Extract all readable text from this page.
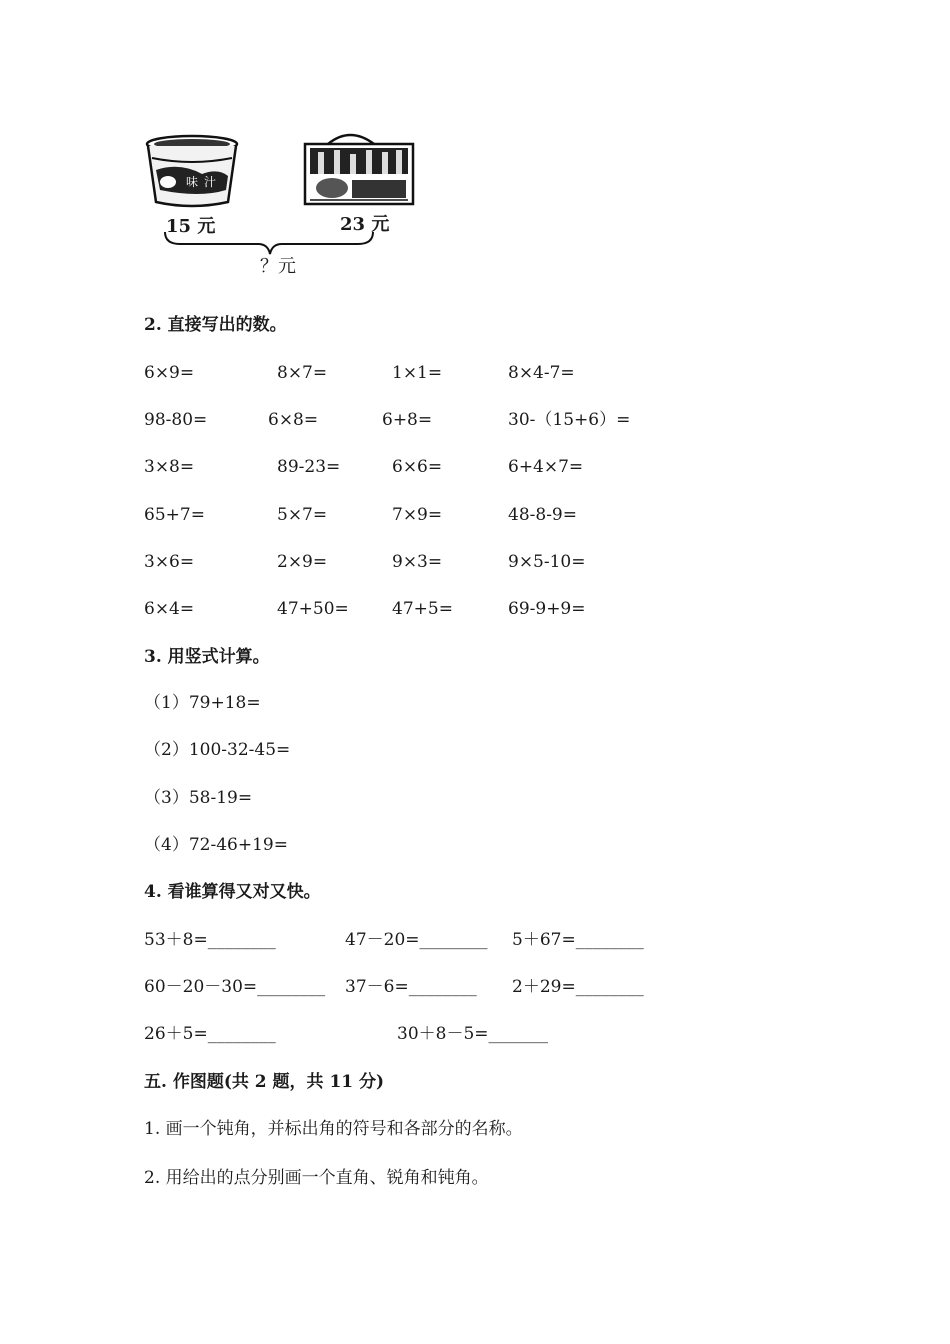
味 汁
15 元	23 元
？元
2. 直接写出的数。
6×9=	8×7=	1×1=	8×4-7=
98-80=	6×8=	6+8=	30-（15+6）=
3×8=	89-23=	6×6=	6+4×7=
65+7=	5×7=	7×9=	48-8-9=
3×6=	2×9=	9×3=	9×5-10=
6×4=	47+50=	47+5=	69-9+9=
3. 用竖式计算。
（1）79+18=
（2）100-32-45=
（3）58-19=
（4）72-46+19=
4. 看谁算得又对又快。
53＋8=________	47－20=________ 5＋67=________
60－20－30=________ 37－6=________ 2＋29=________
26＋5=________	30＋8－5=_______
五. 作图题(共 2 题，共 11 分)
1. 画一个钝角，并标出角的符号和各部分的名称。
2. 用给出的点分别画一个直角、锐角和钝角。
